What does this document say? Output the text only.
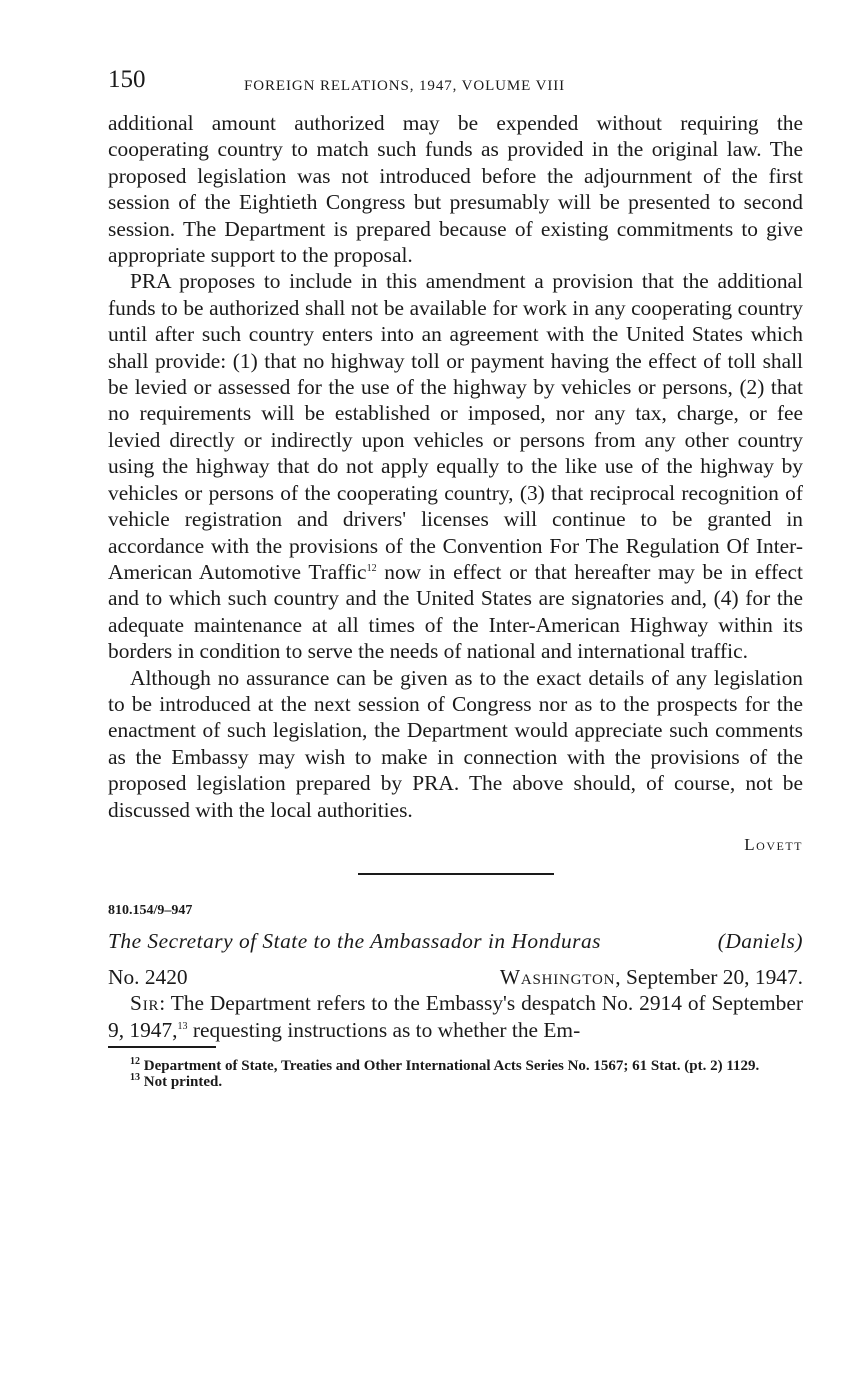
150	FOREIGN RELATIONS, 1947, VOLUME VIII

additional amount authorized may be expended without requiring the cooperating country to match such funds as provided in the original law. The proposed legislation was not introduced before the adjournment of the first session of the Eightieth Congress but presumably will be presented to second session. The Department is prepared because of existing commitments to give appropriate support to the proposal.

PRA proposes to include in this amendment a provision that the additional funds to be authorized shall not be available for work in any cooperating country until after such country enters into an agreement with the United States which shall provide: (1) that no highway toll or payment having the effect of toll shall be levied or assessed for the use of the highway by vehicles or persons, (2) that no requirements will be established or imposed, nor any tax, charge, or fee levied directly or indirectly upon vehicles or persons from any other country using the highway that do not apply equally to the like use of the highway by vehicles or persons of the cooperating country, (3) that reciprocal recognition of vehicle registration and drivers' licenses will continue to be granted in accordance with the provisions of the Convention For The Regulation Of Inter-American Automotive Traffic$^{12}$ now in effect or that hereafter may be in effect and to which such country and the United States are signatories and, (4) for the adequate maintenance at all times of the Inter-American Highway within its borders in condition to serve the needs of national and international traffic.

Although no assurance can be given as to the exact details of any legislation to be introduced at the next session of Congress nor as to the prospects for the enactment of such legislation, the Department would appreciate such comments as the Embassy may wish to make in connection with the provisions of the proposed legislation prepared by PRA. The above should, of course, not be discussed with the local authorities.

Lovett
810.154/9–947
The Secretary of State to the Ambassador in Honduras	(Daniels)
No. 2420	Washington, September 20, 1947.

Sir: The Department refers to the Embassy's despatch No. 2914 of September 9, 1947,13 requesting instructions as to whether the Em-

$^{12}$ Department of State, Treaties and Other International Acts Series No. 1567; 61 Stat. (pt. 2) 1129.

$^{13}$ Not printed.
